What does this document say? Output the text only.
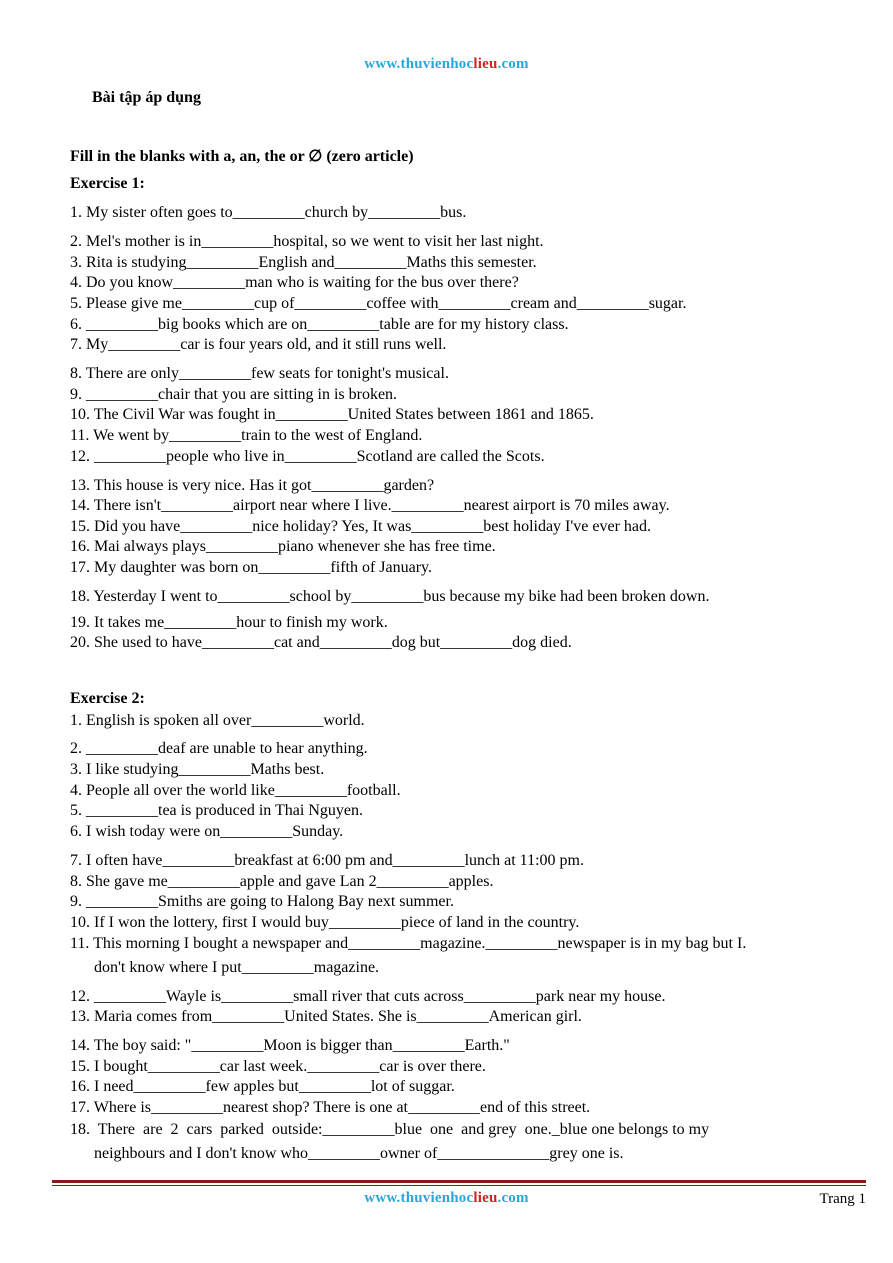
www.thuvienhoclieu.com
Bài tập áp dụng
Fill in the blanks with a, an, the or ∅ (zero article)
Exercise 1:
1. My sister often goes to_________church by_________bus.
2. Mel's mother is in_________hospital, so we went to visit her last night.
3. Rita is studying_________English and_________Maths this semester.
4. Do you know_________man who is waiting for the bus over there?
5. Please give me_________cup of_________coffee with_________cream and_________sugar.
6. _________big books which are on_________table are for my history class.
7. My_________car is four years old, and it still runs well.
8. There are only_________few seats for tonight's musical.
9. _________chair that you are sitting in is broken.
10. The Civil War was fought in_________United States between 1861 and 1865.
11. We went by_________train to the west of England.
12. _________people who live in_________Scotland are called the Scots.
13. This house is very nice. Has it got_________garden?
14. There isn't_________airport near where I live._________nearest airport is 70 miles away.
15. Did you have_________nice holiday? Yes, It was_________best holiday I've ever had.
16. Mai always plays_________piano whenever she has free time.
17. My daughter was born on_________fifth of January.
18. Yesterday I went to_________school by_________bus because my bike had been broken down.
19. It takes me_________hour to finish my work.
20. She used to have_________cat and_________dog but_________dog died.
Exercise 2:
1. English is spoken all over_________world.
2. _________deaf are unable to hear anything.
3. I like studying_________Maths best.
4. People all over the world like_________football.
5. _________tea is produced in Thai Nguyen.
6. I wish today were on_________Sunday.
7. I often have_________breakfast at 6:00 pm and_________lunch at 11:00 pm.
8. She gave me_________apple and gave Lan 2_________apples.
9. _________Smiths are going to Halong Bay next summer.
10. If I won the lottery, first I would buy_________piece of land in the country.
11. This morning I bought a newspaper and_________magazine._________newspaper is in my bag but I.
don't know where I put_________magazine.
12. _________Wayle is_________small river that cuts across_________park near my house.
13. Maria comes from_________United States. She is_________American girl.
14. The boy said: "_________Moon is bigger than_________Earth."
15. I bought_________car last week._________car is over there.
16. I need_________few apples but_________lot of suggar.
17. Where is_________nearest shop? There is one at_________end of this street.
18.  There  are  2  cars  parked  outside:_________blue  one  and grey  one._blue one belongs to my
neighbours and I don't know who_________owner of______________grey one is.
www.thuvienhoclieu.com	Trang 1
